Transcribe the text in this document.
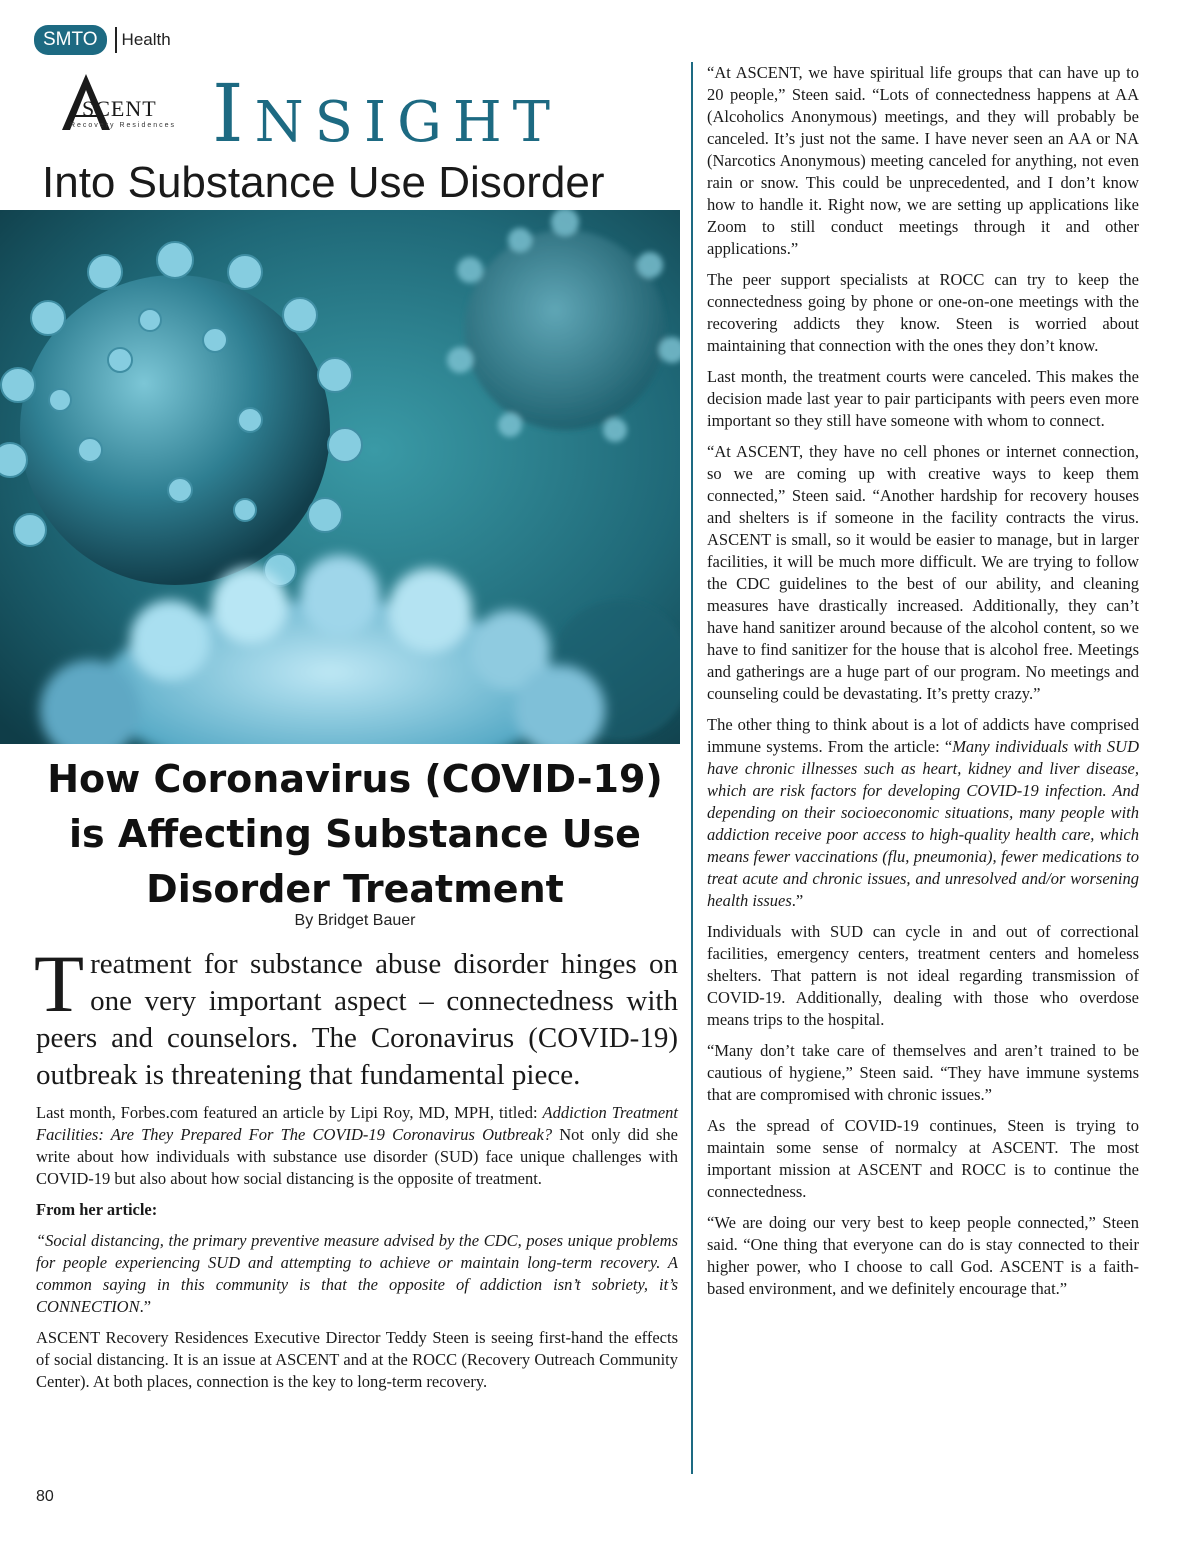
SMTO	Health
SCENT
Recovery Residences Insight
Into Substance Use Disorder
How Coronavirus (COVID-19)
is Affecting Substance Use
Disorder Treatment
By Bridget Bauer

Treatment for substance abuse disorder hinges on one very important aspect – connectedness with peers and counselors. The Coronavirus (COVID-19) outbreak is threatening that fundamental piece.

Last month, Forbes.com featured an article by Lipi Roy, MD, MPH, titled: Addiction Treatment Facilities: Are They Prepared For The COVID-19 Coronavirus Outbreak? Not only did she write about how individuals with substance use disorder (SUD) face unique challenges with COVID-19 but also about how social distancing is the opposite of treatment.

From her article:

“Social distancing, the primary preventive measure advised by the CDC, poses unique problems for people experiencing SUD and attempting to achieve or maintain long-term recovery. A common saying in this community is that the opposite of addiction isn’t sobriety, it’s CONNECTION.”

ASCENT Recovery Residences Executive Director Teddy Steen is seeing first-hand the effects of social distancing. It is an issue at ASCENT and at the ROCC (Recovery Outreach Community Center). At both places, connection is the key to long-term recovery.

“At ASCENT, we have spiritual life groups that can have up to 20 people,” Steen said. “Lots of connectedness happens at AA (Alcoholics Anonymous) meetings, and they will probably be canceled. It’s just not the same. I have never seen an AA or NA (Narcotics Anonymous) meeting canceled for anything, not even rain or snow. This could be unprecedented, and I don’t know how to handle it. Right now, we are setting up applications like Zoom to still conduct meetings through it and other applications.”

The peer support specialists at ROCC can try to keep the connectedness going by phone or one-on-one meetings with the recovering addicts they know. Steen is worried about maintaining that connection with the ones they don’t know.

Last month, the treatment courts were canceled. This makes the decision made last year to pair participants with peers even more important so they still have someone with whom to connect.

“At ASCENT, they have no cell phones or internet connection, so we are coming up with creative ways to keep them connected,” Steen said. “Another hardship for recovery houses and shelters is if someone in the facility contracts the virus. ASCENT is small, so it would be easier to manage, but in larger facilities, it will be much more difficult. We are trying to follow the CDC guidelines to the best of our ability, and cleaning measures have drastically increased. Additionally, they can’t have hand sanitizer around because of the alcohol content, so we have to find sanitizer for the house that is alcohol free. Meetings and gatherings are a huge part of our program. No meetings and counseling could be devastating. It’s pretty crazy.”

The other thing to think about is a lot of addicts have comprised immune systems. From the article: “Many individuals with SUD have chronic illnesses such as heart, kidney and liver disease, which are risk factors for developing COVID-19 infection. And depending on their socioeconomic situations, many people with addiction receive poor access to high-quality health care, which means fewer vaccinations (flu, pneumonia), fewer medications to treat acute and chronic issues, and unresolved and/or worsening health issues.”

Individuals with SUD can cycle in and out of correctional facilities, emergency centers, treatment centers and homeless shelters. That pattern is not ideal regarding transmission of COVID-19. Additionally, dealing with those who overdose means trips to the hospital.

“Many don’t take care of themselves and aren’t trained to be cautious of hygiene,” Steen said. “They have immune systems that are compromised with chronic issues.”

As the spread of COVID-19 continues, Steen is trying to maintain some sense of normalcy at ASCENT. The most important mission at ASCENT and ROCC is to continue the connectedness.

“We are doing our very best to keep people connected,” Steen said. “One thing that everyone can do is stay connected to their higher power, who I choose to call God. ASCENT is a faith-based environment, and we definitely encourage that.”

80
